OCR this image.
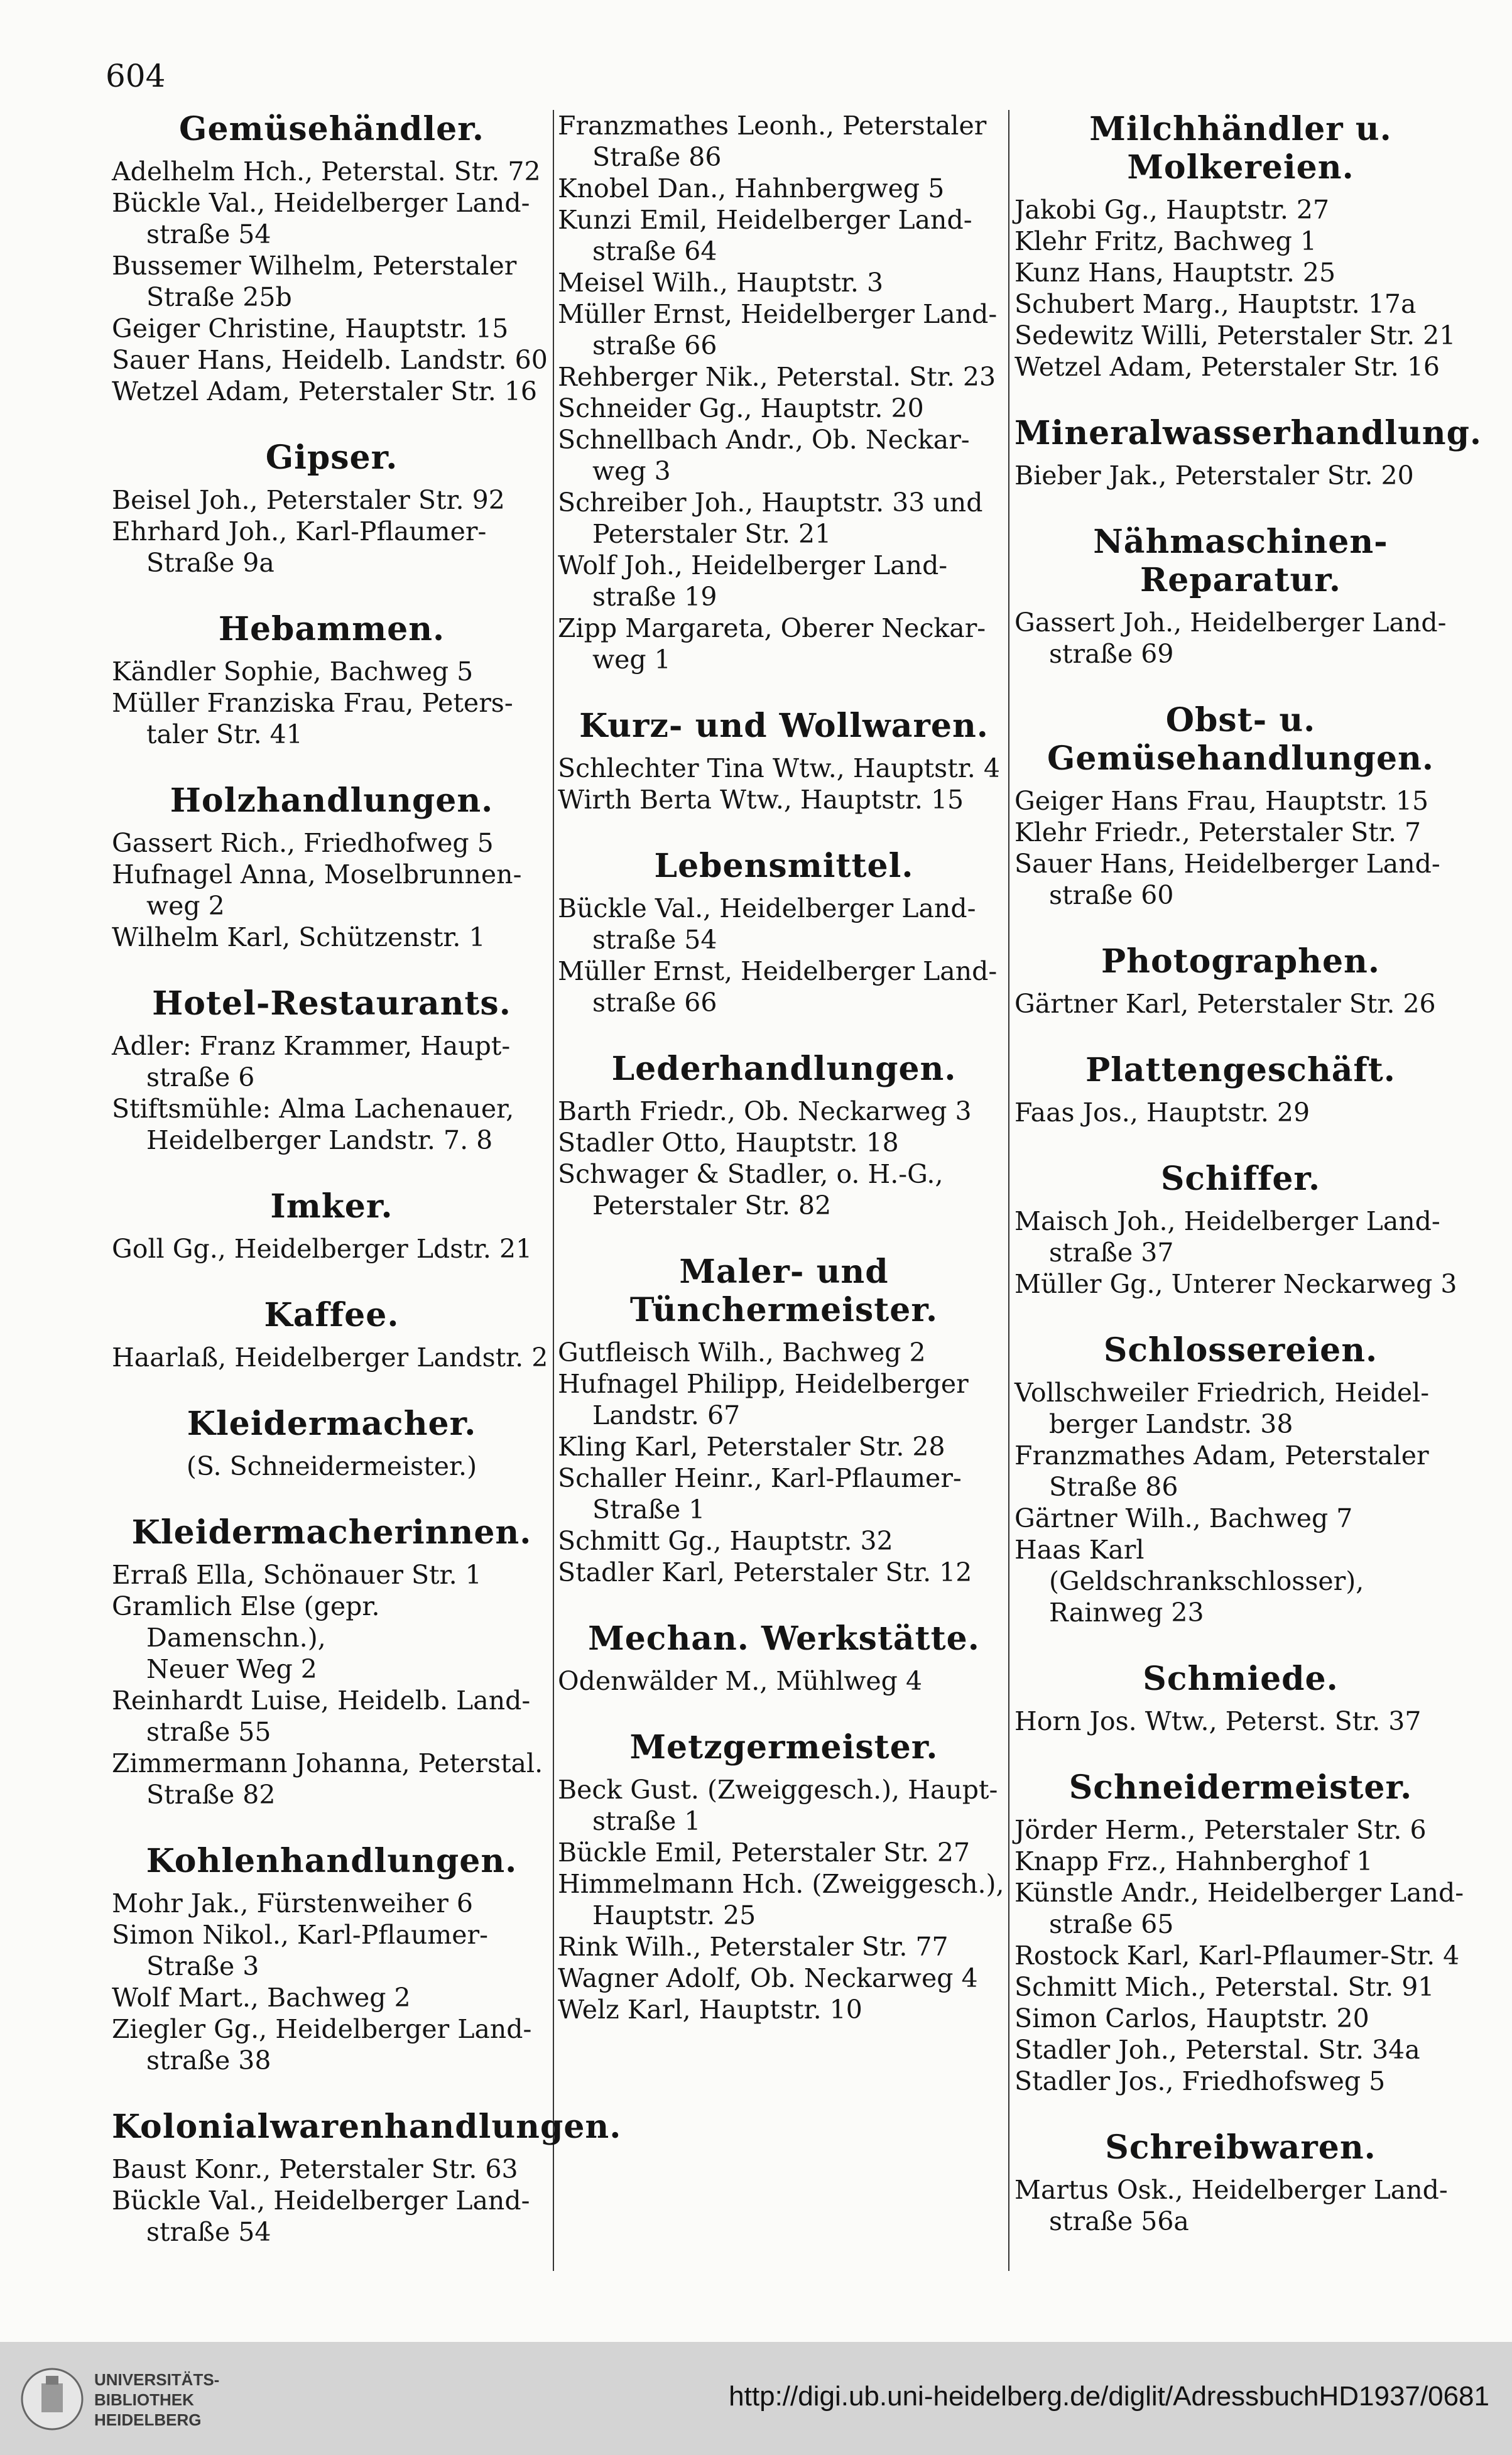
604
Gemüsehändler.
Adelhelm Hch., Peterstal. Str. 72
Bückle Val., Heidelberger Land-
straße 54
Bussemer Wilhelm, Peterstaler
Straße 25b
Geiger Christine, Hauptstr. 15
Sauer Hans, Heidelb. Landstr. 60
Wetzel Adam, Peterstaler Str. 16
Gipser.
Beisel Joh., Peterstaler Str. 92
Ehrhard Joh., Karl-Pflaumer-
Straße 9a
Hebammen.
Kändler Sophie, Bachweg 5
Müller Franziska Frau, Peters-
taler Str. 41
Holzhandlungen.
Gassert Rich., Friedhofweg 5
Hufnagel Anna, Moselbrunnen-
weg 2
Wilhelm Karl, Schützenstr. 1
Hotel-Restaurants.
Adler: Franz Krammer, Haupt-
straße 6
Stiftsmühle: Alma Lachenauer,
Heidelberger Landstr. 7. 8
Imker.
Goll Gg., Heidelberger Ldstr. 21
Kaffee.
Haarlaß, Heidelberger Landstr. 2
Kleidermacher.
(S. Schneidermeister.)
Kleidermacherinnen.
Erraß Ella, Schönauer Str. 1
Gramlich Else (gepr. Damenschn.),
Neuer Weg 2
Reinhardt Luise, Heidelb. Land-
straße 55
Zimmermann Johanna, Peterstal.
Straße 82
Kohlenhandlungen.
Mohr Jak., Fürstenweiher 6
Simon Nikol., Karl-Pflaumer-
Straße 3
Wolf Mart., Bachweg 2
Ziegler Gg., Heidelberger Land-
straße 38
Kolonialwarenhandlungen.
Baust Konr., Peterstaler Str. 63
Bückle Val., Heidelberger Land-
straße 54
Franzmathes Leonh., Peterstaler
Straße 86
Knobel Dan., Hahnbergweg 5
Kunzi Emil, Heidelberger Land-
straße 64
Meisel Wilh., Hauptstr. 3
Müller Ernst, Heidelberger Land-
straße 66
Rehberger Nik., Peterstal. Str. 23
Schneider Gg., Hauptstr. 20
Schnellbach Andr., Ob. Neckar-
weg 3
Schreiber Joh., Hauptstr. 33 und
Peterstaler Str. 21
Wolf Joh., Heidelberger Land-
straße 19
Zipp Margareta, Oberer Neckar-
weg 1
Kurz- und Wollwaren.
Schlechter Tina Wtw., Hauptstr. 4
Wirth Berta Wtw., Hauptstr. 15
Lebensmittel.
Bückle Val., Heidelberger Land-
straße 54
Müller Ernst, Heidelberger Land-
straße 66
Lederhandlungen.
Barth Friedr., Ob. Neckarweg 3
Stadler Otto, Hauptstr. 18
Schwager & Stadler, o. H.-G.,
Peterstaler Str. 82
Maler- und Tünchermeister.
Gutfleisch Wilh., Bachweg 2
Hufnagel Philipp, Heidelberger
Landstr. 67
Kling Karl, Peterstaler Str. 28
Schaller Heinr., Karl-Pflaumer-
Straße 1
Schmitt Gg., Hauptstr. 32
Stadler Karl, Peterstaler Str. 12
Mechan. Werkstätte.
Odenwälder M., Mühlweg 4
Metzgermeister.
Beck Gust. (Zweiggesch.), Haupt-
straße 1
Bückle Emil, Peterstaler Str. 27
Himmelmann Hch. (Zweiggesch.),
Hauptstr. 25
Rink Wilh., Peterstaler Str. 77
Wagner Adolf, Ob. Neckarweg 4
Welz Karl, Hauptstr. 10
Milchhändler u. Molkereien.
Jakobi Gg., Hauptstr. 27
Klehr Fritz, Bachweg 1
Kunz Hans, Hauptstr. 25
Schubert Marg., Hauptstr. 17a
Sedewitz Willi, Peterstaler Str. 21
Wetzel Adam, Peterstaler Str. 16
Mineralwasserhandlung.
Bieber Jak., Peterstaler Str. 20
Nähmaschinen-Reparatur.
Gassert Joh., Heidelberger Land-
straße 69
Obst- u. Gemüsehandlungen.
Geiger Hans Frau, Hauptstr. 15
Klehr Friedr., Peterstaler Str. 7
Sauer Hans, Heidelberger Land-
straße 60
Photographen.
Gärtner Karl, Peterstaler Str. 26
Plattengeschäft.
Faas Jos., Hauptstr. 29
Schiffer.
Maisch Joh., Heidelberger Land-
straße 37
Müller Gg., Unterer Neckarweg 3
Schlossereien.
Vollschweiler Friedrich, Heidel-
berger Landstr. 38
Franzmathes Adam, Peterstaler
Straße 86
Gärtner Wilh., Bachweg 7
Haas Karl (Geldschrankschlosser),
Rainweg 23
Schmiede.
Horn Jos. Wtw., Peterst. Str. 37
Schneidermeister.
Jörder Herm., Peterstaler Str. 6
Knapp Frz., Hahnberghof 1
Künstle Andr., Heidelberger Land-
straße 65
Rostock Karl, Karl-Pflaumer-Str. 4
Schmitt Mich., Peterstal. Str. 91
Simon Carlos, Hauptstr. 20
Stadler Joh., Peterstal. Str. 34a
Stadler Jos., Friedhofsweg 5
Schreibwaren.
Martus Osk., Heidelberger Land-
straße 56a
UNIVERSITÄTS-
BIBLIOTHEK
HEIDELBERG
http://digi.ub.uni-heidelberg.de/diglit/AdressbuchHD1937/0681
